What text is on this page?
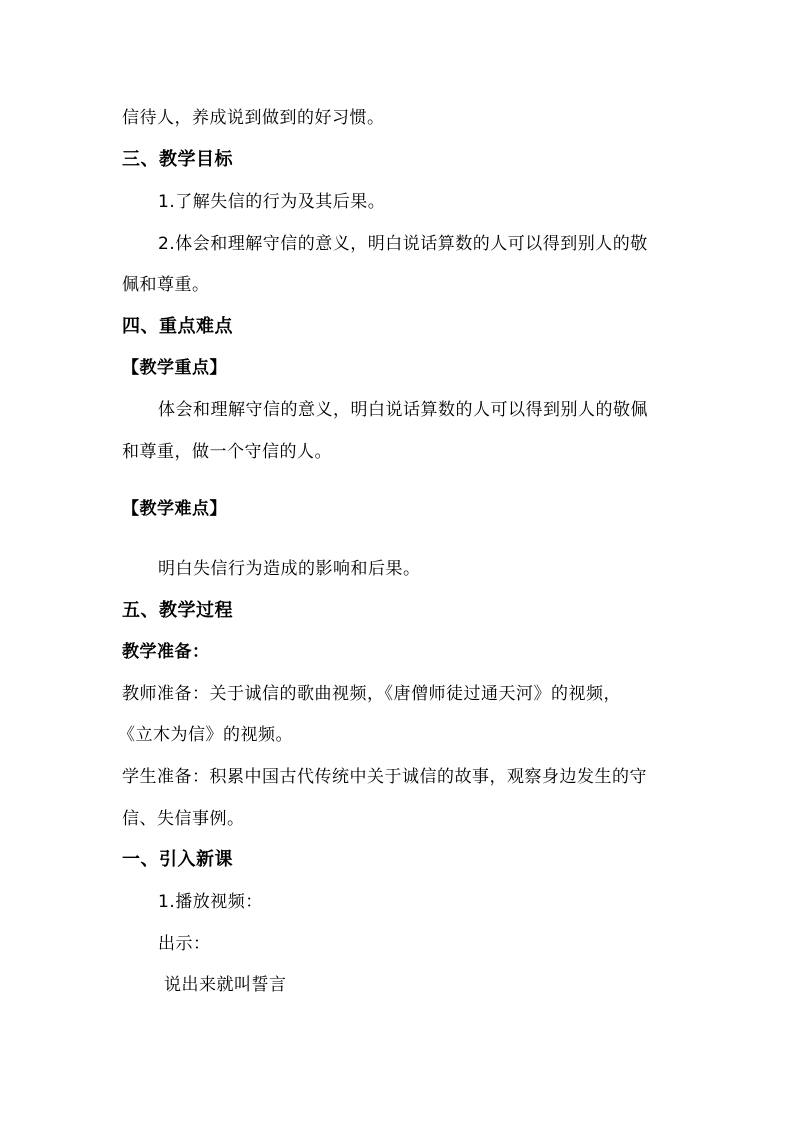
信待人，养成说到做到的好习惯。
三、教学目标
1.了解失信的行为及其后果。
2.体会和理解守信的意义，明白说话算数的人可以得到别人的敬
佩和尊重。
四、重点难点
【教学重点】
体会和理解守信的意义，明白说话算数的人可以得到别人的敬佩
和尊重，做一个守信的人。
【教学难点】
明白失信行为造成的影响和后果。
五、教学过程
教学准备：
教师准备：关于诚信的歌曲视频，《唐僧师徒过通天河》的视频，
《立木为信》的视频。
学生准备：积累中国古代传统中关于诚信的故事，观察身边发生的守
信、失信事例。
一、引入新课
1.播放视频：
出示：
说出来就叫誓言
